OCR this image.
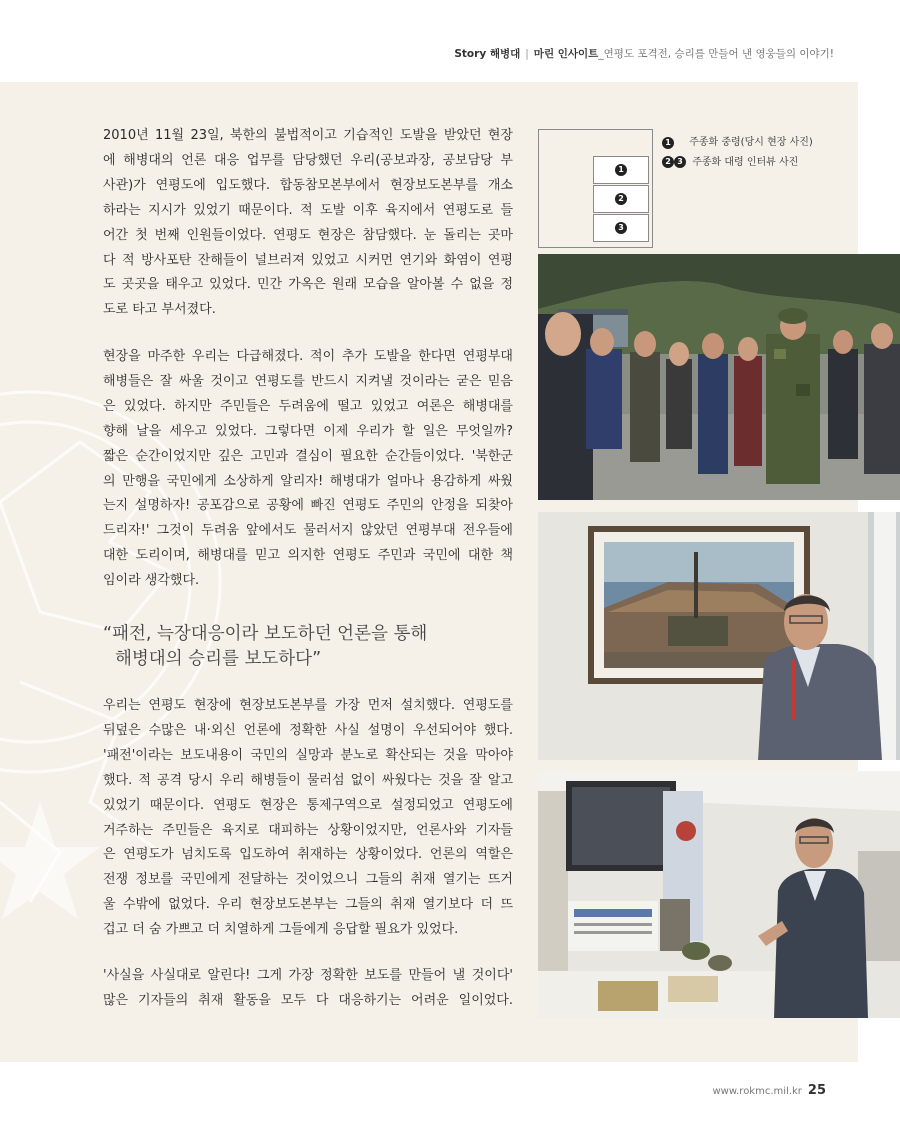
Story 해병대 | 마린 인사이트_연평도 포격전, 승리를 만들어 낸 영웅들의 이야기!

2010년 11월 23일, 북한의 불법적이고 기습적인 도발을 받았던 현장

에 해병대의 언론 대응 업무를 담당했던 우리(공보과장, 공보담당 부

사관)가 연평도에 입도했다. 합동참모본부에서 현장보도본부를 개소

하라는 지시가 있었기 때문이다. 적 도발 이후 육지에서 연평도로 들

어간 첫 번째 인원들이었다. 연평도 현장은 참담했다. 눈 돌리는 곳마

다 적 방사포탄 잔해들이 널브러져 있었고 시커먼 연기와 화염이 연평

도 곳곳을 태우고 있었다. 민간 가옥은 원래 모습을 알아볼 수 없을 정

도로 타고 부서졌다.

현장을 마주한 우리는 다급해졌다. 적이 추가 도발을 한다면 연평부대

해병들은 잘 싸울 것이고 연평도를 반드시 지켜낼 것이라는 굳은 믿음

은 있었다. 하지만 주민들은 두려움에 떨고 있었고 여론은 해병대를

향해 날을 세우고 있었다. 그렇다면 이제 우리가 할 일은 무엇일까?

짧은 순간이었지만 깊은 고민과 결심이 필요한 순간들이었다. '북한군

의 만행을 국민에게 소상하게 알리자! 해병대가 얼마나 용감하게 싸웠

는지 설명하자! 공포감으로 공황에 빠진 연평도 주민의 안정을 되찾아

드리자!' 그것이 두려움 앞에서도 물러서지 않았던 연평부대 전우들에

대한 도리이며, 해병대를 믿고 의지한 연평도 주민과 국민에 대한 책

임이라 생각했다.

“패전, 늑장대응이라 보도하던 언론을 통해
해병대의 승리를 보도하다”

우리는 연평도 현장에 현장보도본부를 가장 먼저 설치했다. 연평도를

뒤덮은 수많은 내·외신 언론에 정확한 사실 설명이 우선되어야 했다.

'패전'이라는 보도내용이 국민의 실망과 분노로 확산되는 것을 막아야

했다. 적 공격 당시 우리 해병들이 물러섬 없이 싸웠다는 것을 잘 알고

있었기 때문이다. 연평도 현장은 통제구역으로 설정되었고 연평도에

거주하는 주민들은 육지로 대피하는 상황이었지만, 언론사와 기자들

은 연평도가 넘치도록 입도하여 취재하는 상황이었다. 언론의 역할은

전쟁 정보를 국민에게 전달하는 것이었으니 그들의 취재 열기는 뜨거

울 수밖에 없었다. 우리 현장보도본부는 그들의 취재 열기보다 더 뜨

겁고 더 숨 가쁘고 더 치열하게 그들에게 응답할 필요가 있었다.

'사실을 사실대로 알린다! 그게 가장 정확한 보도를 만들어 낼 것이다'

많은 기자들의 취재 활동을 모두 다 대응하기는 어려운 일이었다.

1
2
3
1 주종화 중령(당시 현장 사진)
2 3 주종화 대령 인터뷰 사진
www.rokmc.mil.kr 25
